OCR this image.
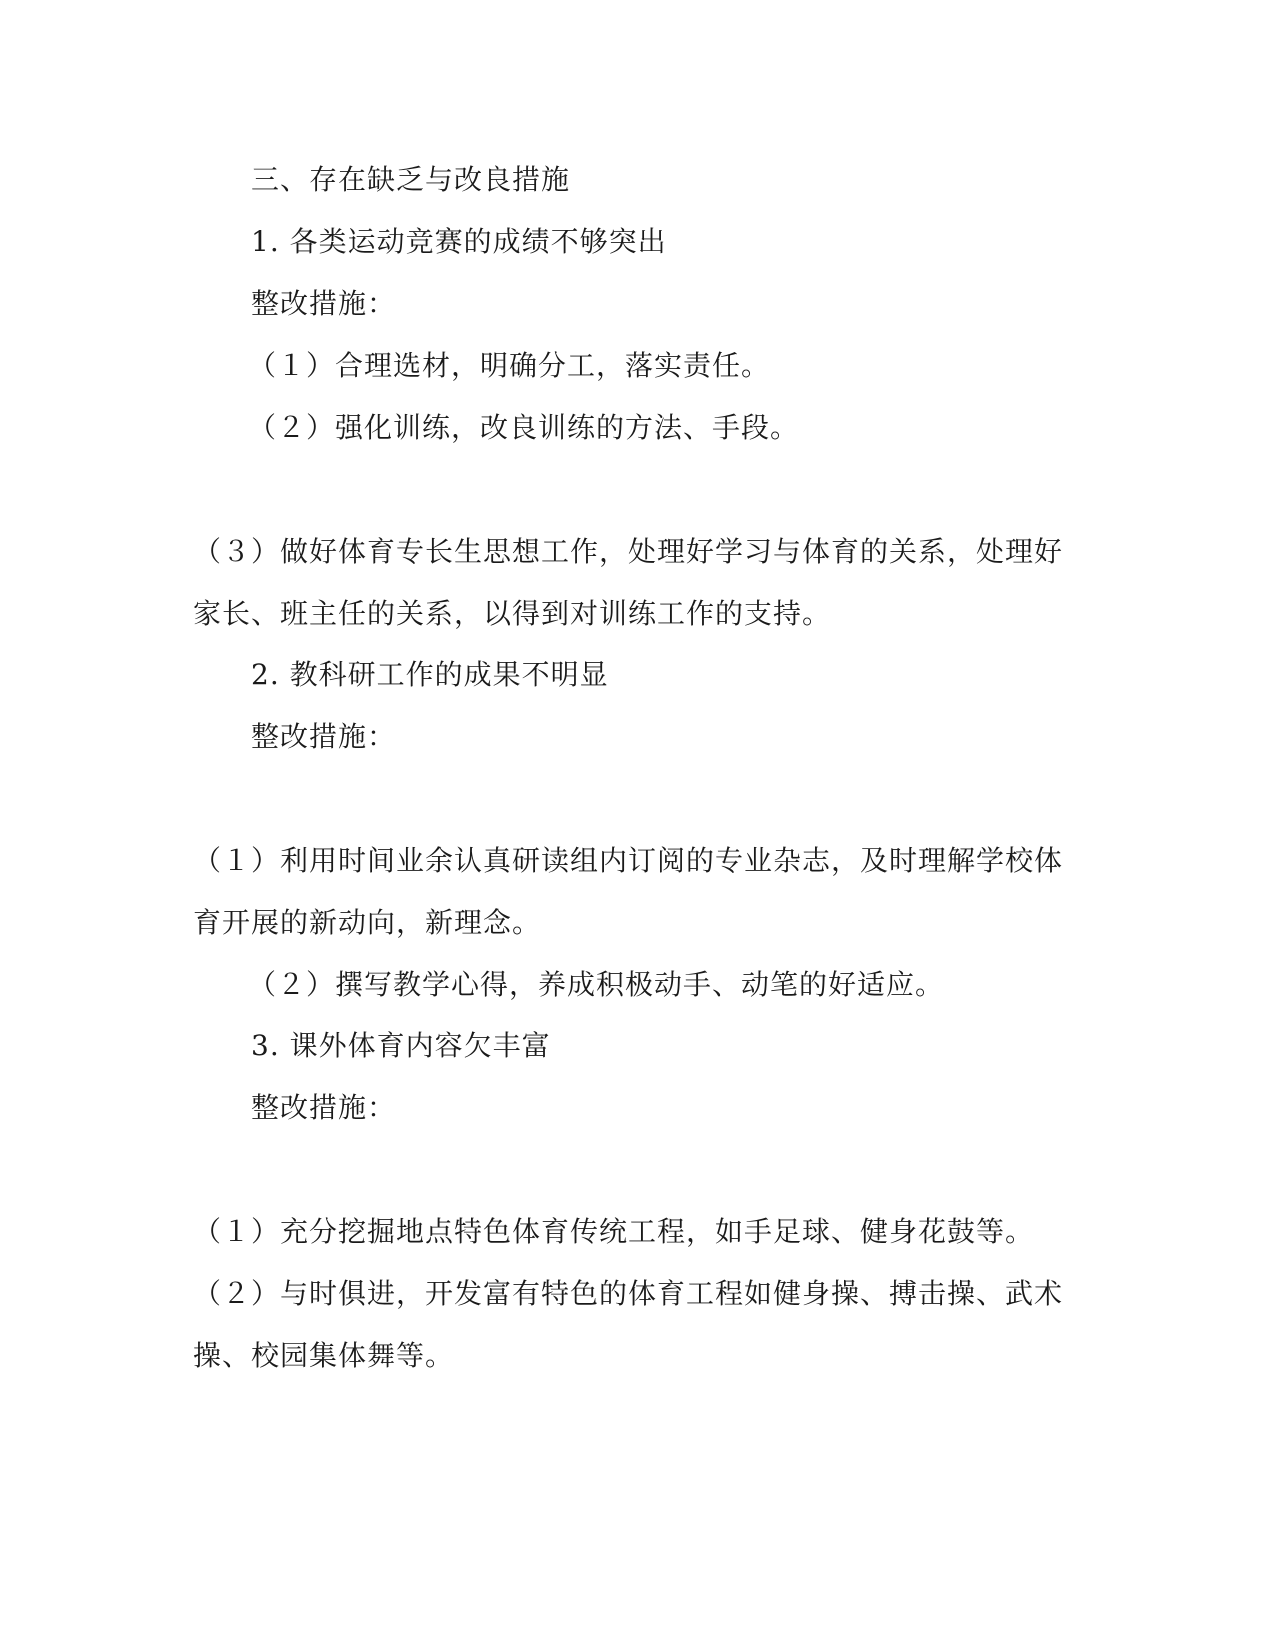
三、存在缺乏与改良措施
1. 各类运动竞赛的成绩不够突出
整改措施：
（１）合理选材，明确分工，落实责任。
（２）强化训练，改良训练的方法、手段。
（３）做好体育专长生思想工作，处理好学习与体育的关系，处理好
家长、班主任的关系，以得到对训练工作的支持。
2. 教科研工作的成果不明显
整改措施：
（１）利用时间业余认真研读组内订阅的专业杂志，及时理解学校体
育开展的新动向，新理念。
（２）撰写教学心得，养成积极动手、动笔的好适应。
3. 课外体育内容欠丰富
整改措施：
（１）充分挖掘地点特色体育传统工程，如手足球、健身花鼓等。
（２）与时俱进，开发富有特色的体育工程如健身操、搏击操、武术
操、校园集体舞等。
